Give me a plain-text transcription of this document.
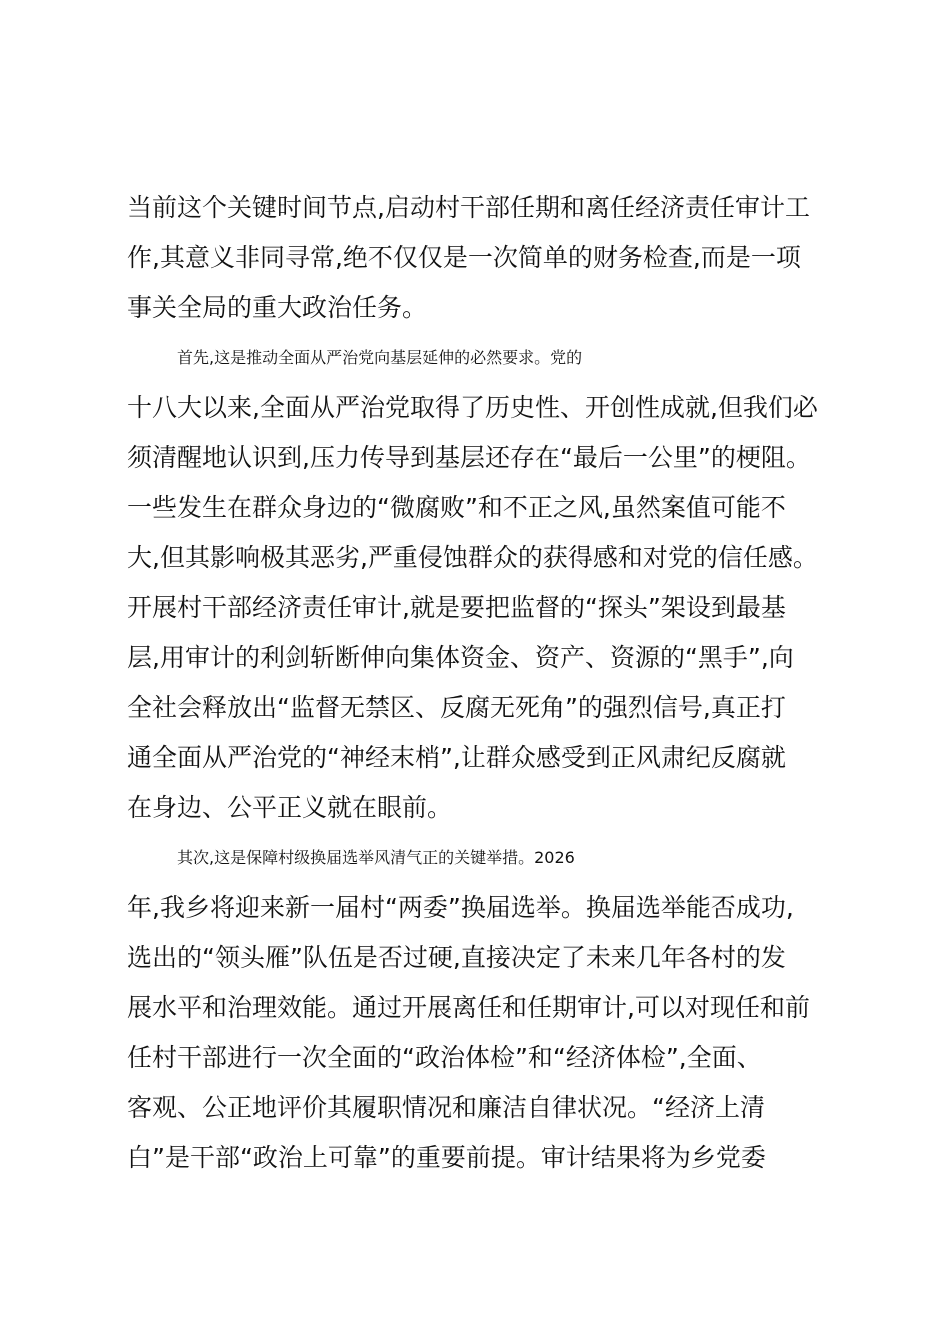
当前这个关键时间节点,启动村干部任期和离任经济责任审计工
作,其意义非同寻常,绝不仅仅是一次简单的财务检查,而是一项
事关全局的重大政治任务。
首先,这是推动全面从严治党向基层延伸的必然要求。党的
十八大以来,全面从严治党取得了历史性、开创性成就,但我们必
须清醒地认识到,压力传导到基层还存在“最后一公里”的梗阻。
一些发生在群众身边的“微腐败”和不正之风,虽然案值可能不
大,但其影响极其恶劣,严重侵蚀群众的获得感和对党的信任感。
开展村干部经济责任审计,就是要把监督的“探头”架设到最基
层,用审计的利剑斩断伸向集体资金、资产、资源的“黑手”,向
全社会释放出“监督无禁区、反腐无死角”的强烈信号,真正打
通全面从严治党的“神经末梢”,让群众感受到正风肃纪反腐就
在身边、公平正义就在眼前。
其次,这是保障村级换届选举风清气正的关键举措。2026
年,我乡将迎来新一届村“两委”换届选举。换届选举能否成功,
选出的“领头雁”队伍是否过硬,直接决定了未来几年各村的发
展水平和治理效能。通过开展离任和任期审计,可以对现任和前
任村干部进行一次全面的“政治体检”和“经济体检”,全面、
客观、公正地评价其履职情况和廉洁自律状况。“经济上清
白”是干部“政治上可靠”的重要前提。审计结果将为乡党委
